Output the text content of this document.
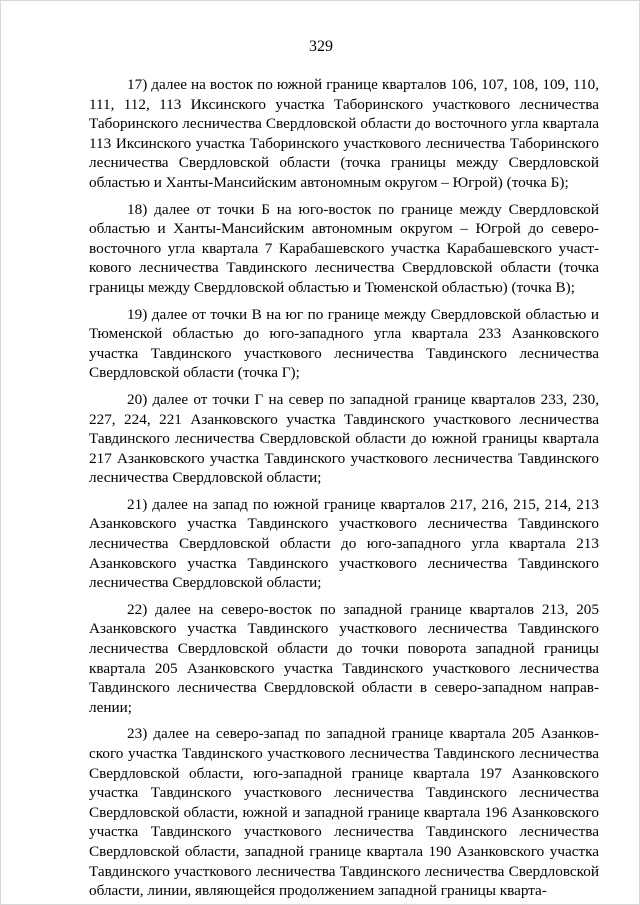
329

17) далее на восток по южной границе кварталов 106, 107, 108, 109, 110, 111, 112, 113 Иксинского участка Таборинского участкового лесничества Таборинского лесничества Свердловской области до восточного угла квартала 113 Иксинского участка Таборинского участкового лесничества Таборинского лесничества Свердловской области (точка границы между Свердловской областью и Ханты-Мансийским автономным округом – Югрой) (точка Б);

18) далее от точки Б на юго-восток по границе между Свердловской областью и Ханты-Мансийским автономным округом – Югрой до северо-восточного угла квартала 7 Карабашевского участка Карабашевского участкового лесничества Тавдинского лесничества Свердловской области (точка границы между Свердловской областью и Тюменской областью) (точка В);

19) далее от точки В на юг по границе между Свердловской областью и Тюменской областью до юго-западного угла квартала 233 Азанковского участка Тавдинского участкового лесничества Тавдинского лесничества Свердловской области (точка Г);

20) далее от точки Г на север по западной границе кварталов 233, 230, 227, 224, 221 Азанковского участка Тавдинского участкового лесничества Тавдинского лесничества Свердловской области до южной границы квартала 217 Азанковского участка Тавдинского участкового лесничества Тавдинского лесничества Свердловской области;

21) далее на запад по южной границе кварталов 217, 216, 215, 214, 213 Азанковского участка Тавдинского участкового лесничества Тавдинского лесничества Свердловской области до юго-западного угла квартала 213 Азанковского участка Тавдинского участкового лесничества Тавдинского лесничества Свердловской области;

22) далее на северо-восток по западной границе кварталов 213, 205 Азанковского участка Тавдинского участкового лесничества Тавдинского лесничества Свердловской области до точки поворота западной границы квартала 205 Азанковского участка Тавдинского участкового лесничества Тавдинского лесничества Свердловской области в северо-западном направлении;

23) далее на северо-запад по западной границе квартала 205 Азанковского участка Тавдинского участкового лесничества Тавдинского лесничества Свердловской области, юго-западной границе квартала 197 Азанковского участка Тавдинского участкового лесничества Тавдинского лесничества Свердловской области, южной и западной границе квартала 196 Азанковского участка Тавдинского участкового лесничества Тавдинского лесничества Свердловской области, западной границе квартала 190 Азанковского участка Тавдинского участкового лесничества Тавдинского лесничества Свердловской области, линии, являющейся продолжением западной границы кварта-
